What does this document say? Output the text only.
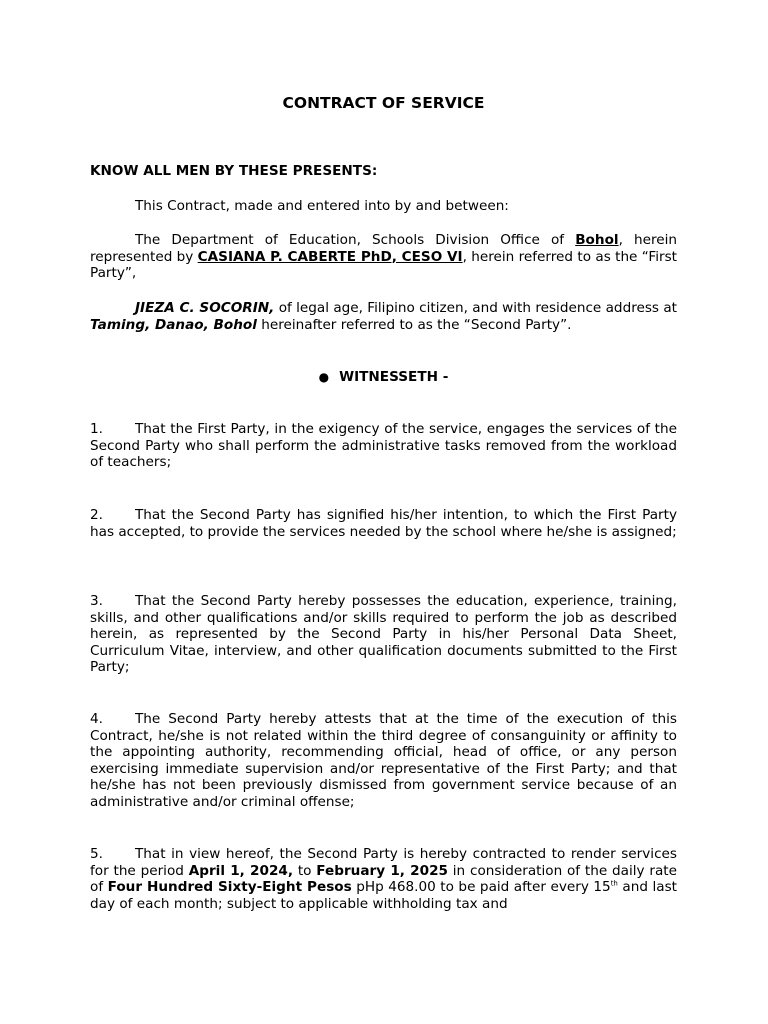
CONTRACT OF SERVICE

KNOW ALL MEN BY THESE PRESENTS:

This Contract, made and entered into by and between:

The Department of Education, Schools Division Office of Bohol, herein represented by CASIANA P. CABERTE PhD, CESO VI, herein referred to as the “First Party”,

JIEZA C. SOCORIN, of legal age, Filipino citizen, and with residence address at Taming, Danao, Bohol hereinafter referred to as the “Second Party”.

● WITNESSETH -

1. That the First Party, in the exigency of the service, engages the services of the Second Party who shall perform the administrative tasks removed from the workload of teachers;

2. That the Second Party has signified his/her intention, to which the First Party has accepted, to provide the services needed by the school where he/she is assigned;

3. That the Second Party hereby possesses the education, experience, training, skills, and other qualifications and/or skills required to perform the job as described herein, as represented by the Second Party in his/her Personal Data Sheet, Curriculum Vitae, interview, and other qualification documents submitted to the First Party;

4. The Second Party hereby attests that at the time of the execution of this Contract, he/she is not related within the third degree of consanguinity or affinity to the appointing authority, recommending official, head of office, or any person exercising immediate supervision and/or representative of the First Party; and that he/she has not been previously dismissed from government service because of an administrative and/or criminal offense;

5. That in view hereof, the Second Party is hereby contracted to render services for the period April 1, 2024, to February 1, 2025 in consideration of the daily rate of Four Hundred Sixty-Eight Pesos pHp 468.00 to be paid after every 15th and last day of each month; subject to applicable withholding tax and
